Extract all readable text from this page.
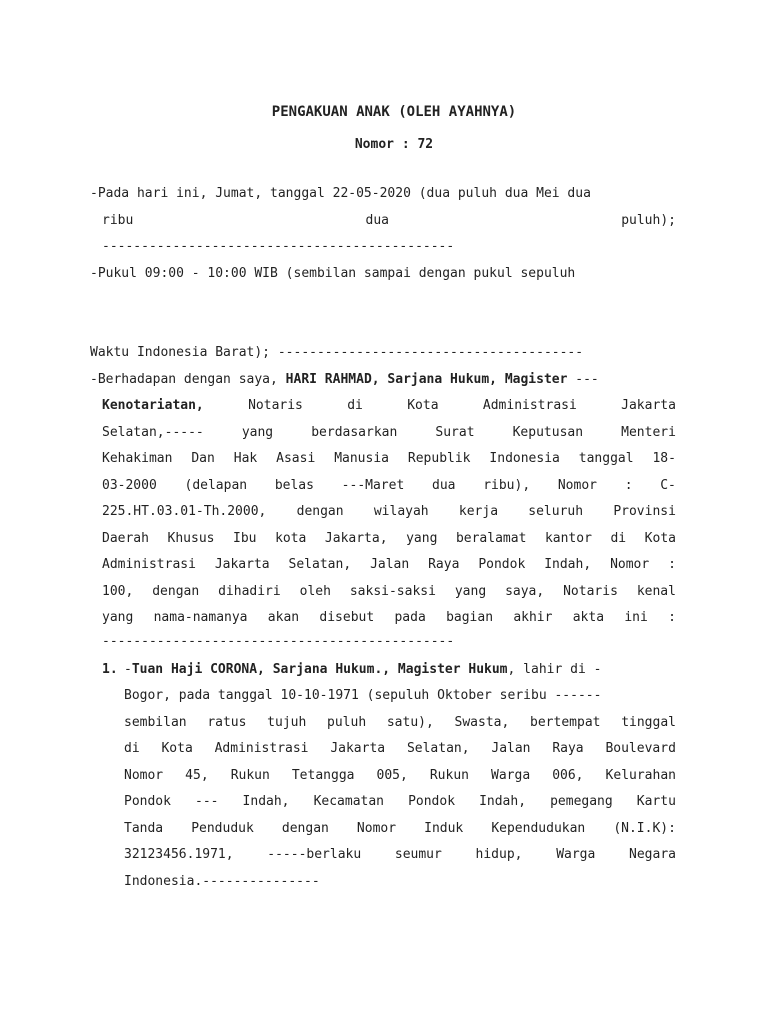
PENGAKUAN ANAK (OLEH AYAHNYA)
Nomor : 72
-Pada hari ini, Jumat, tanggal 22-05-2020 (dua puluh dua Mei dua
ribu	dua	puluh);
---------------------------------------------
-Pukul 09:00 - 10:00 WIB (sembilan sampai dengan pukul sepuluh
Waktu Indonesia Barat); ---------------------------------------
-Berhadapan dengan saya, HARI RAHMAD, Sarjana Hukum, Magister ---
Kenotariatan,	Notaris	di	Kota	Administrasi	Jakarta
Selatan,-----	yang	berdasarkan	Surat	Keputusan	Menteri
Kehakiman Dan Hak Asasi Manusia Republik Indonesia tanggal 18-
03-2000 (delapan belas ---Maret dua ribu), Nomor : C-
225.HT.03.01-Th.2000, dengan wilayah kerja seluruh Provinsi
Daerah Khusus Ibu kota Jakarta, yang beralamat kantor di Kota
Administrasi Jakarta Selatan, Jalan Raya Pondok Indah, Nomor :
100, dengan dihadiri oleh saksi-saksi yang saya, Notaris kenal
yang nama-namanya akan disebut pada bagian akhir akta ini :
---------------------------------------------
1. -Tuan Haji CORONA, Sarjana Hukum., Magister Hukum, lahir di -
Bogor, pada tanggal 10-10-1971 (sepuluh Oktober seribu ------
sembilan ratus tujuh puluh satu), Swasta, bertempat tinggal
di Kota Administrasi Jakarta Selatan, Jalan Raya Boulevard
Nomor 45, Rukun Tetangga 005, Rukun Warga 006, Kelurahan
Pondok --- Indah, Kecamatan Pondok Indah, pemegang Kartu
Tanda Penduduk dengan Nomor Induk Kependudukan (N.I.K):
32123456.1971,	-----berlaku	seumur	hidup,	Warga	Negara
Indonesia.---------------
